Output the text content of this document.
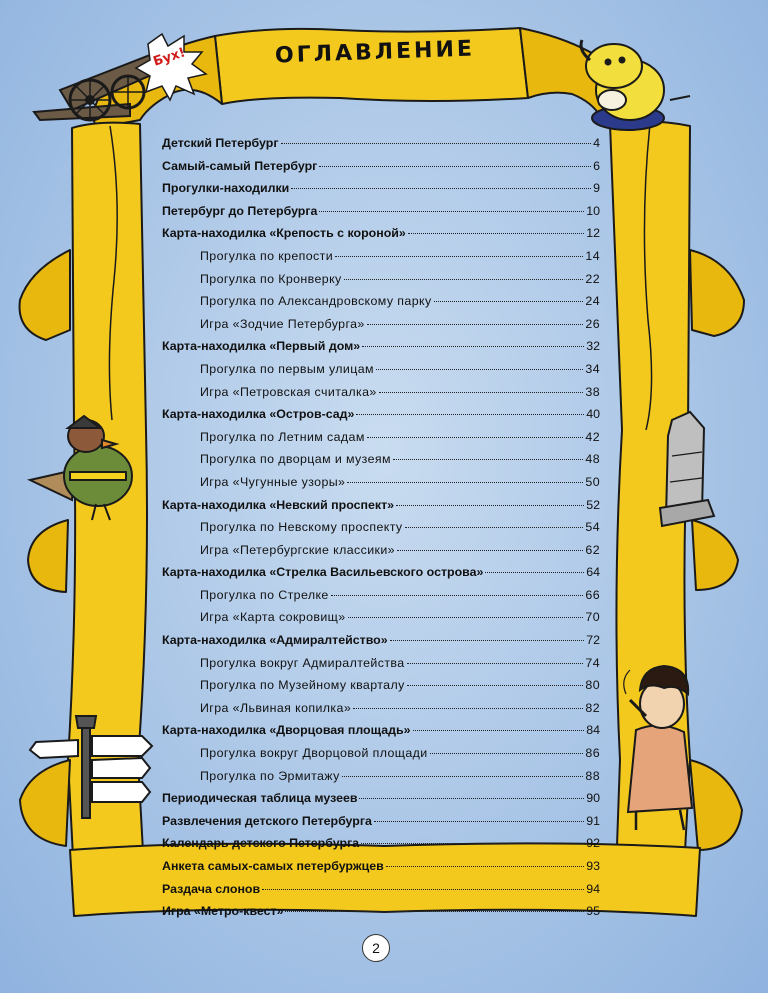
Бух!	ОГЛАВЛЕНИЕ
Детский Петербург	4
Самый-самый Петербург	6
Прогулки-находилки	9
Петербург до Петербурга	10
Карта-находилка «Крепость с короной»	12
Прогулка по крепости	14
Прогулка по Кронверку	22
Прогулка по Александровскому парку	24
Игра «Зодчие Петербурга»	26
Карта-находилка «Первый дом»	32
Прогулка по первым улицам	34
Игра «Петровская считалка»	38
Карта-находилка «Остров-сад»	40
Прогулка по Летним садам	42
Прогулка по дворцам и музеям	48
Игра «Чугунные узоры»	50
Карта-находилка «Невский проспект»	52
Прогулка по Невскому проспекту	54
Игра «Петербургские классики»	62
Карта-находилка «Стрелка Васильевского острова»	64
Прогулка по Стрелке	66
Игра «Карта сокровищ»	70
Карта-находилка «Адмиралтейство»	72
Прогулка вокруг Адмиралтейства	74
Прогулка по Музейному кварталу	80
Игра «Львиная копилка»	82
Карта-находилка «Дворцовая площадь»	84
Прогулка вокруг Дворцовой площади	86
Прогулка по Эрмитажу	88
Периодическая таблица музеев	90
Развлечения детского Петербурга	91
Календарь детского Петербурга	92
Анкета самых-самых петербуржцев	93
Раздача слонов	94
Игра «Метро-квест»	95
2
